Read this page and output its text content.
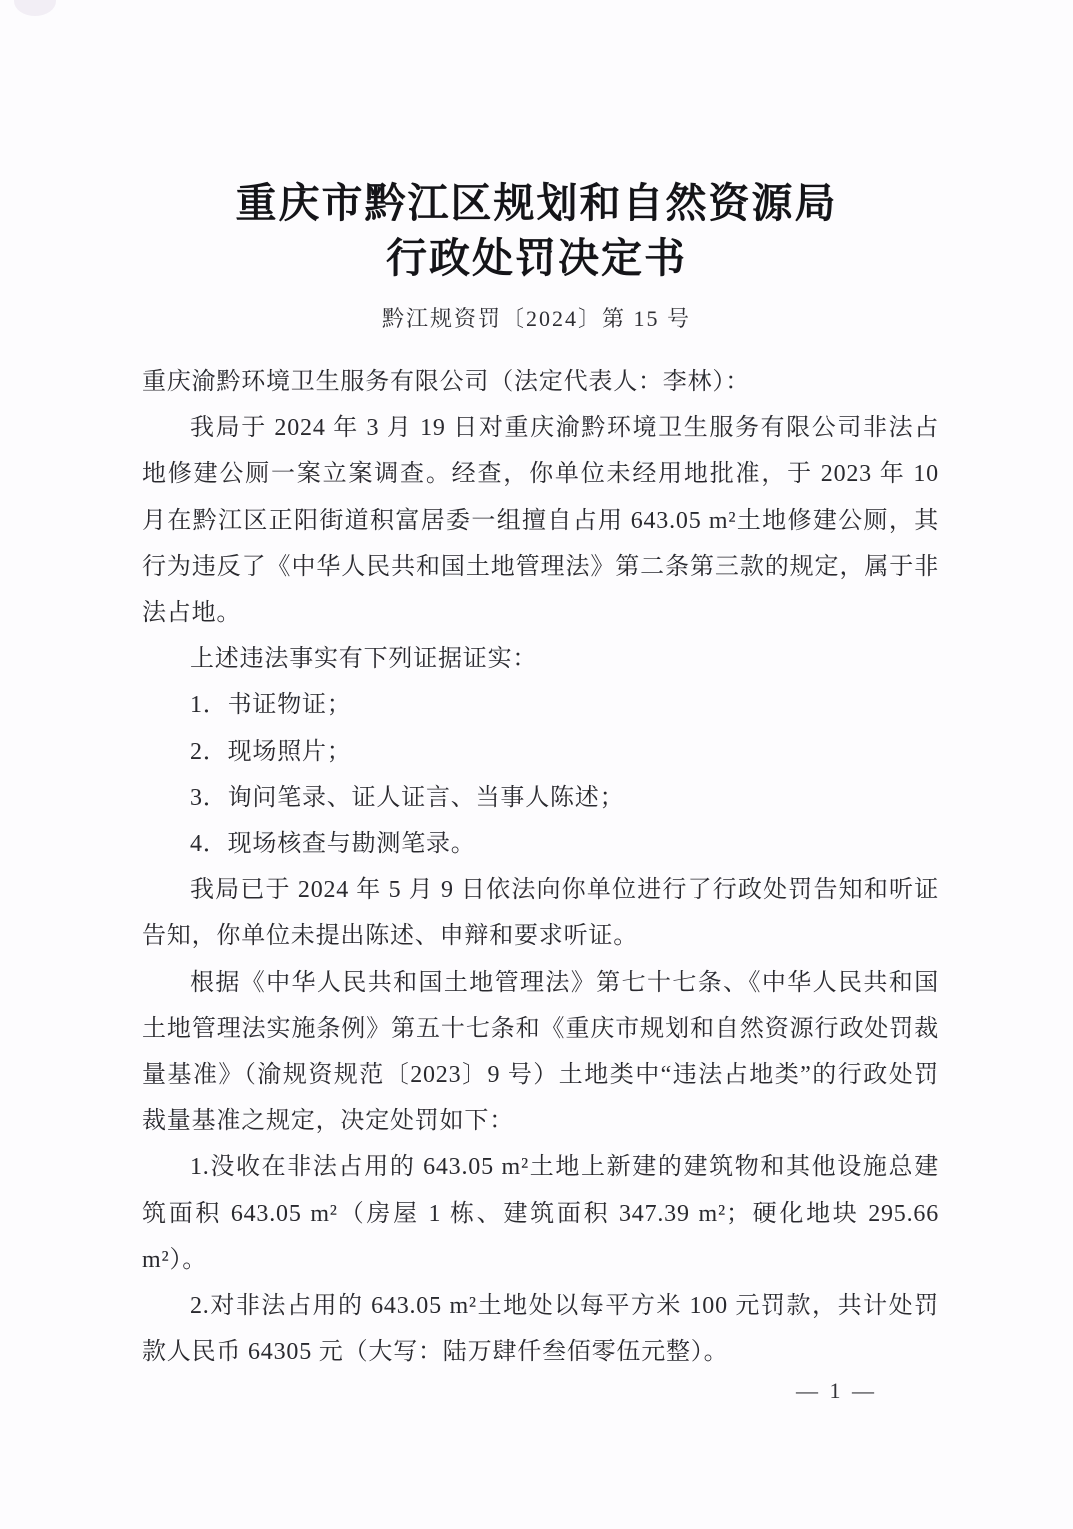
重庆市黔江区规划和自然资源局
行政处罚决定书
黔江规资罚〔2024〕第 15 号

重庆渝黔环境卫生服务有限公司（法定代表人：李林）：

我局于 2024 年 3 月 19 日对重庆渝黔环境卫生服务有限公司非法占地修建公厕一案立案调查。经查，你单位未经用地批准，于 2023 年 10 月在黔江区正阳街道积富居委一组擅自占用 643.05 m²土地修建公厕，其行为违反了《中华人民共和国土地管理法》第二条第三款的规定，属于非法占地。

上述违法事实有下列证据证实：

1．书证物证；

2．现场照片；

3．询问笔录、证人证言、当事人陈述；

4．现场核查与勘测笔录。

我局已于 2024 年 5 月 9 日依法向你单位进行了行政处罚告知和听证告知，你单位未提出陈述、申辩和要求听证。

根据《中华人民共和国土地管理法》第七十七条、《中华人民共和国土地管理法实施条例》第五十七条和《重庆市规划和自然资源行政处罚裁量基准》（渝规资规范〔2023〕9 号）土地类中“违法占地类”的行政处罚裁量基准之规定，决定处罚如下：

1.没收在非法占用的 643.05 m²土地上新建的建筑物和其他设施总建筑面积 643.05 m²（房屋 1 栋、建筑面积 347.39 m²；硬化地块 295.66 m²）。

2.对非法占用的 643.05 m²土地处以每平方米 100 元罚款，共计处罚款人民币 64305 元（大写：陆万肆仟叁佰零伍元整）。

— 1 —
